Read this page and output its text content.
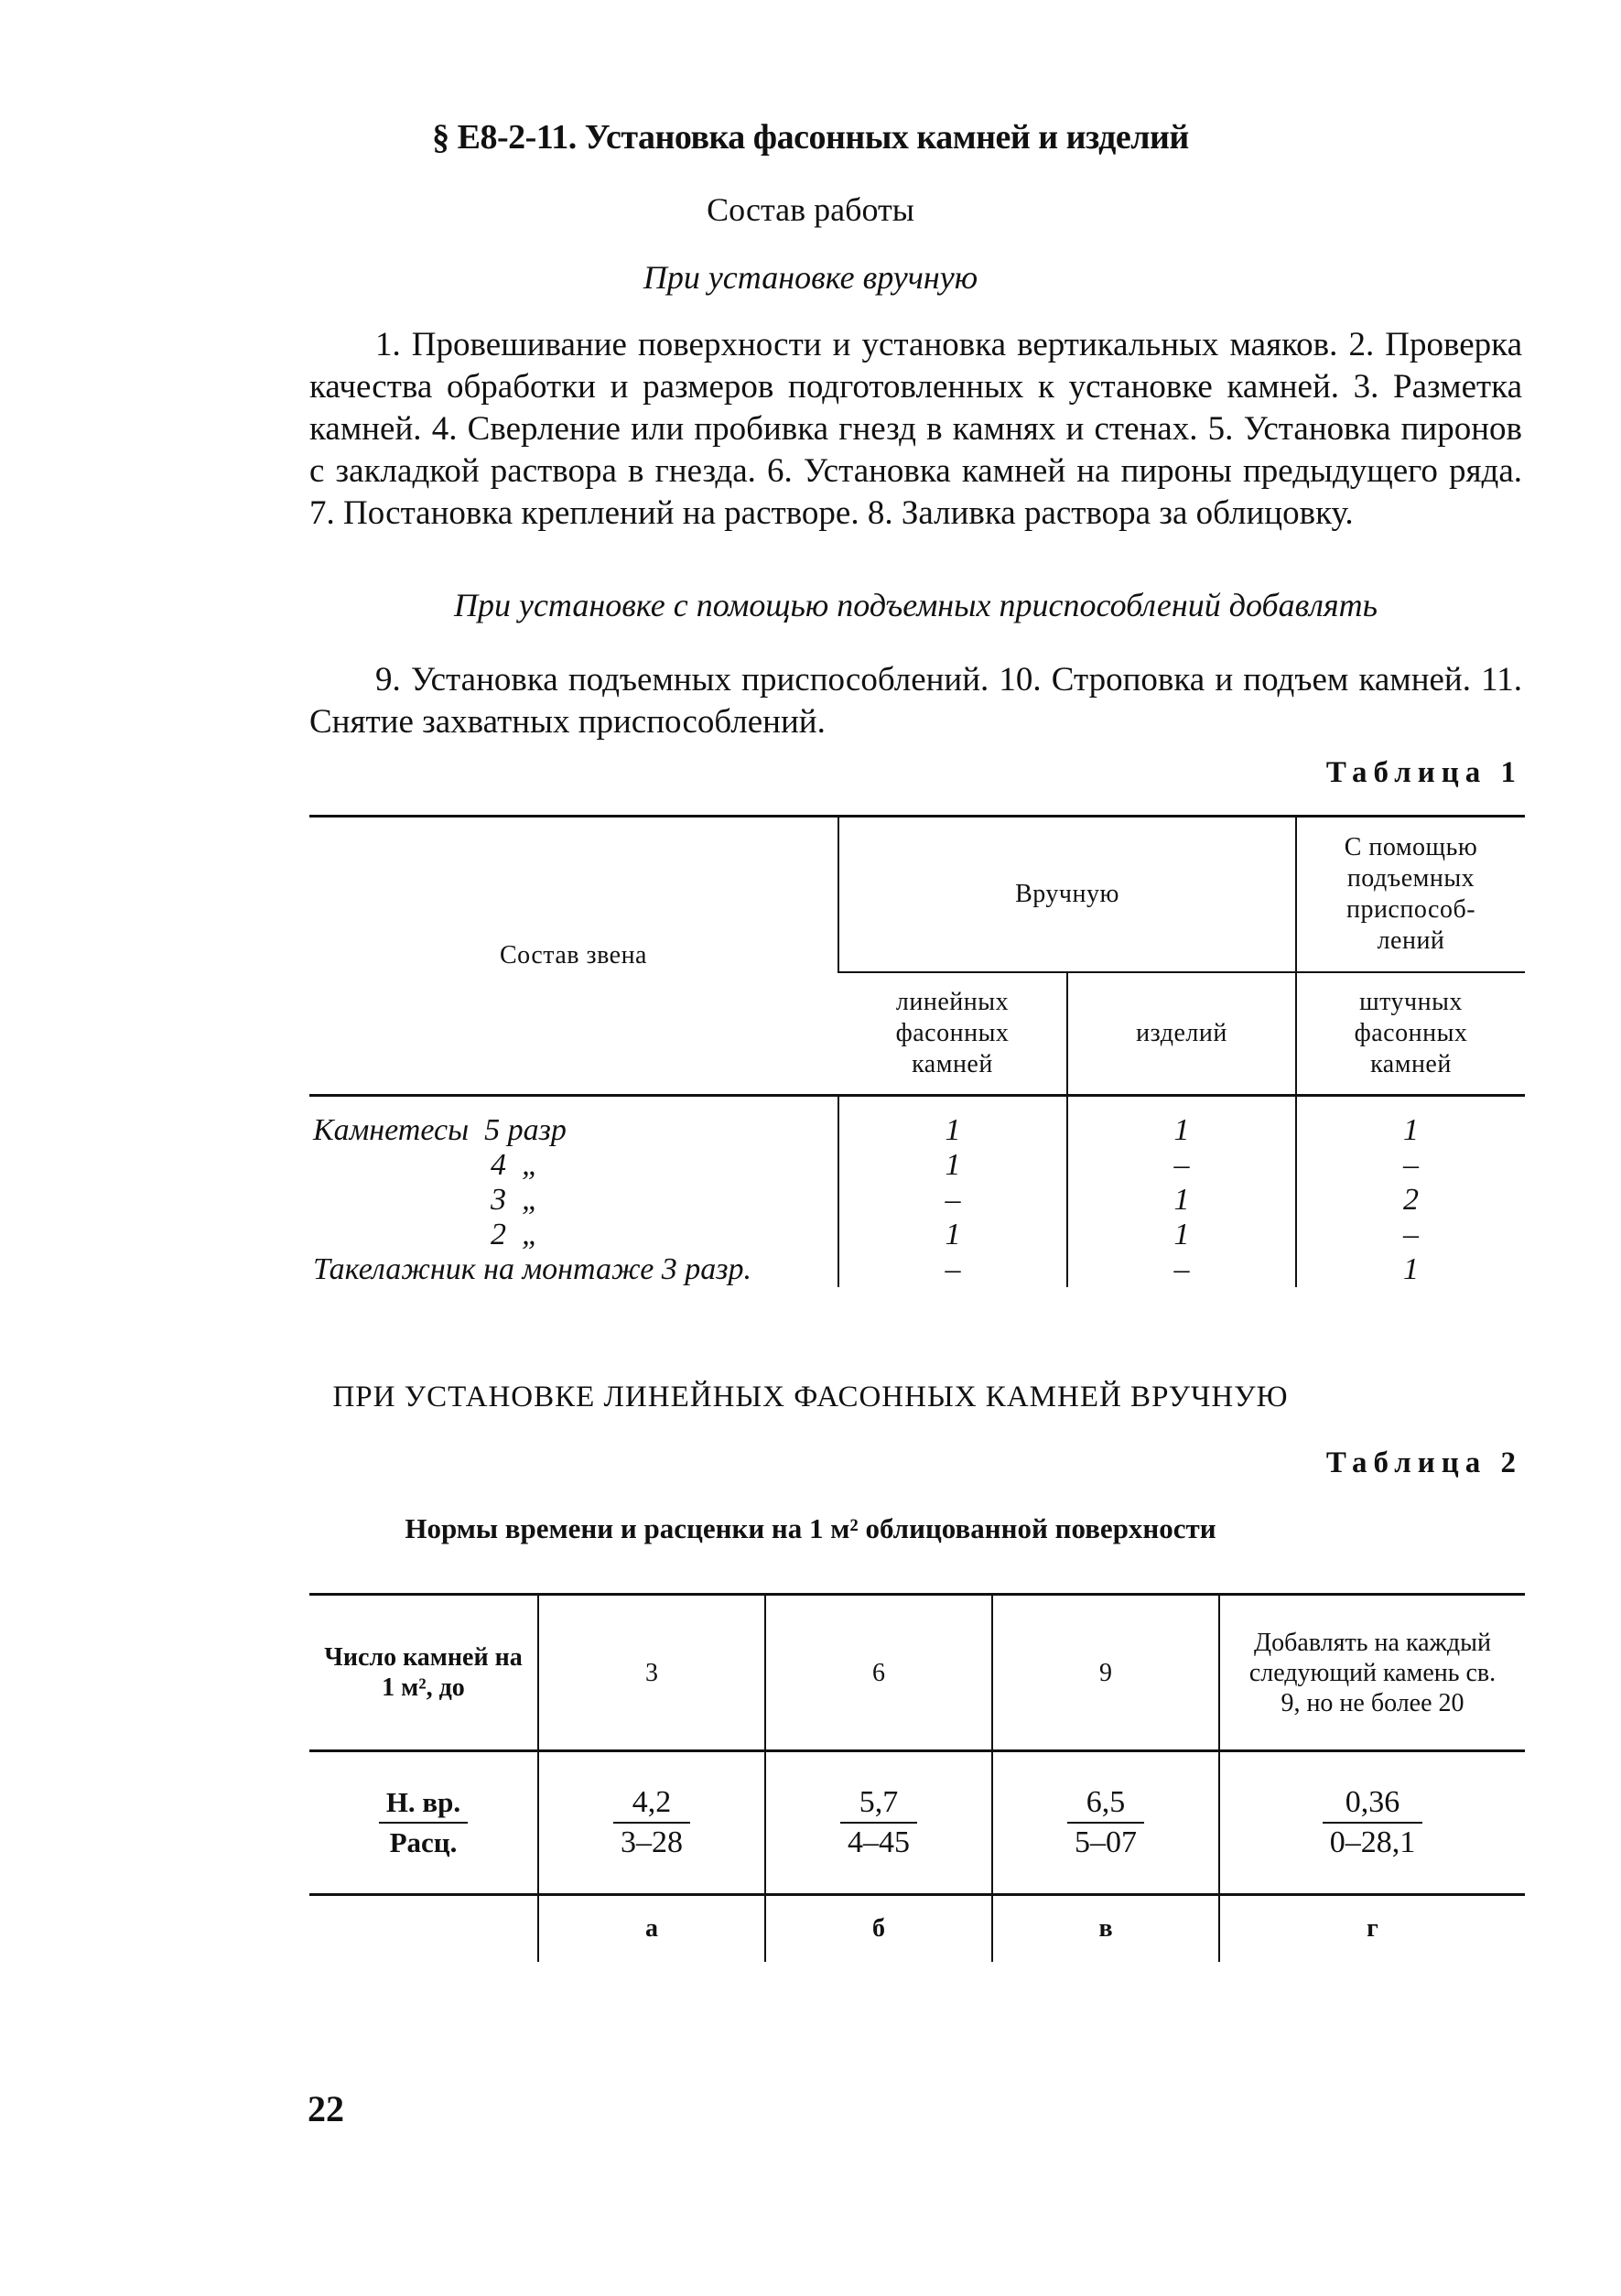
§ Е8-2-11. Установка фасонных камней и изделий
Состав работы
При установке вручную

1. Провешивание поверхности и установка вертикальных маяков. 2. Проверка качества обработки и размеров подготовленных к установке камней. 3. Разметка камней. 4. Сверление или пробивка гнезд в камнях и стенах. 5. Установка пиронов с закладкой раствора в гнезда. 6. Установка камней на пироны предыдущего ряда. 7. Постановка креплений на растворе. 8. Заливка раствора за облицовку.

При установке с помощью подъемных приспособлений добавлять

9. Установка подъемных приспособлений. 10. Строповка и подъем камней. 11. Снятие захватных приспособлений.

Таблица 1
Состав звена	Вручную		С помощью подъемных приспособ-лений
	линейных фасонных камней	изделий	штучных фасонных камней
Камнетесы  5 разр	1	1	1
4  „	1	–	–
3  „	–	1	2
2  „	1	1	–
Такелажник на монтаже 3 разр.	–	–	1
ПРИ УСТАНОВКЕ ЛИНЕЙНЫХ ФАСОННЫХ КАМНЕЙ ВРУЧНУЮ
Таблица 2
Нормы времени и расценки на 1 м² облицованной поверхности
Число камней на 1 м², до	3	6	9	Добавлять на каждый следующий камень св. 9, но не более 20

$\frac{Н. вр.}{\text{Расц.}}$	$\frac{4,2}{3-28}$	$\frac{5,7}{4-45}$	$\frac{6,5}{5-07}$	$\frac{0,36}{0-28,1}$

	а	б	в	г
22
